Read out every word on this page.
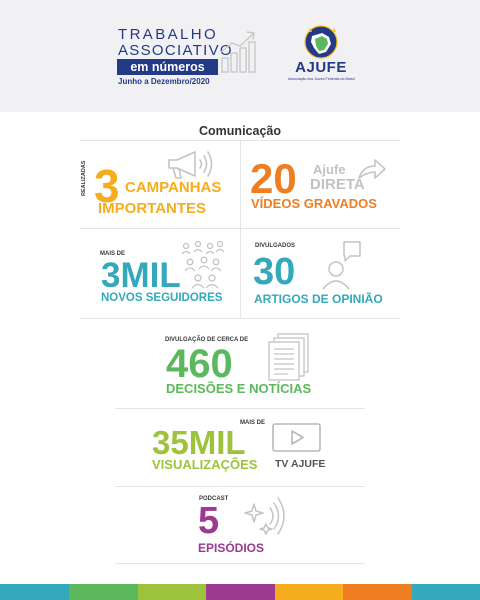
TRABALHO
ASSOCIATIVO
em números
Junho a Dezembro/2020
AJUFE
Associação dos Juízes Federais do Brasil
Comunicação
REALIZADAS 3 CAMPANHAS
IMPORTANTES
20 Ajufe
DIRETA
VÍDEOS GRAVADOS
MAIS DE
3MIL
NOVOS SEGUIDORES
DIVULGADOS
30
ARTIGOS DE OPINIÃO
DIVULGAÇÃO DE CERCA DE
460
DECISÕES E NOTÍCIAS
MAIS DE
35MIL
VISUALIZAÇÕES TV AJUFE
PODCAST
5
EPISÓDIOS
